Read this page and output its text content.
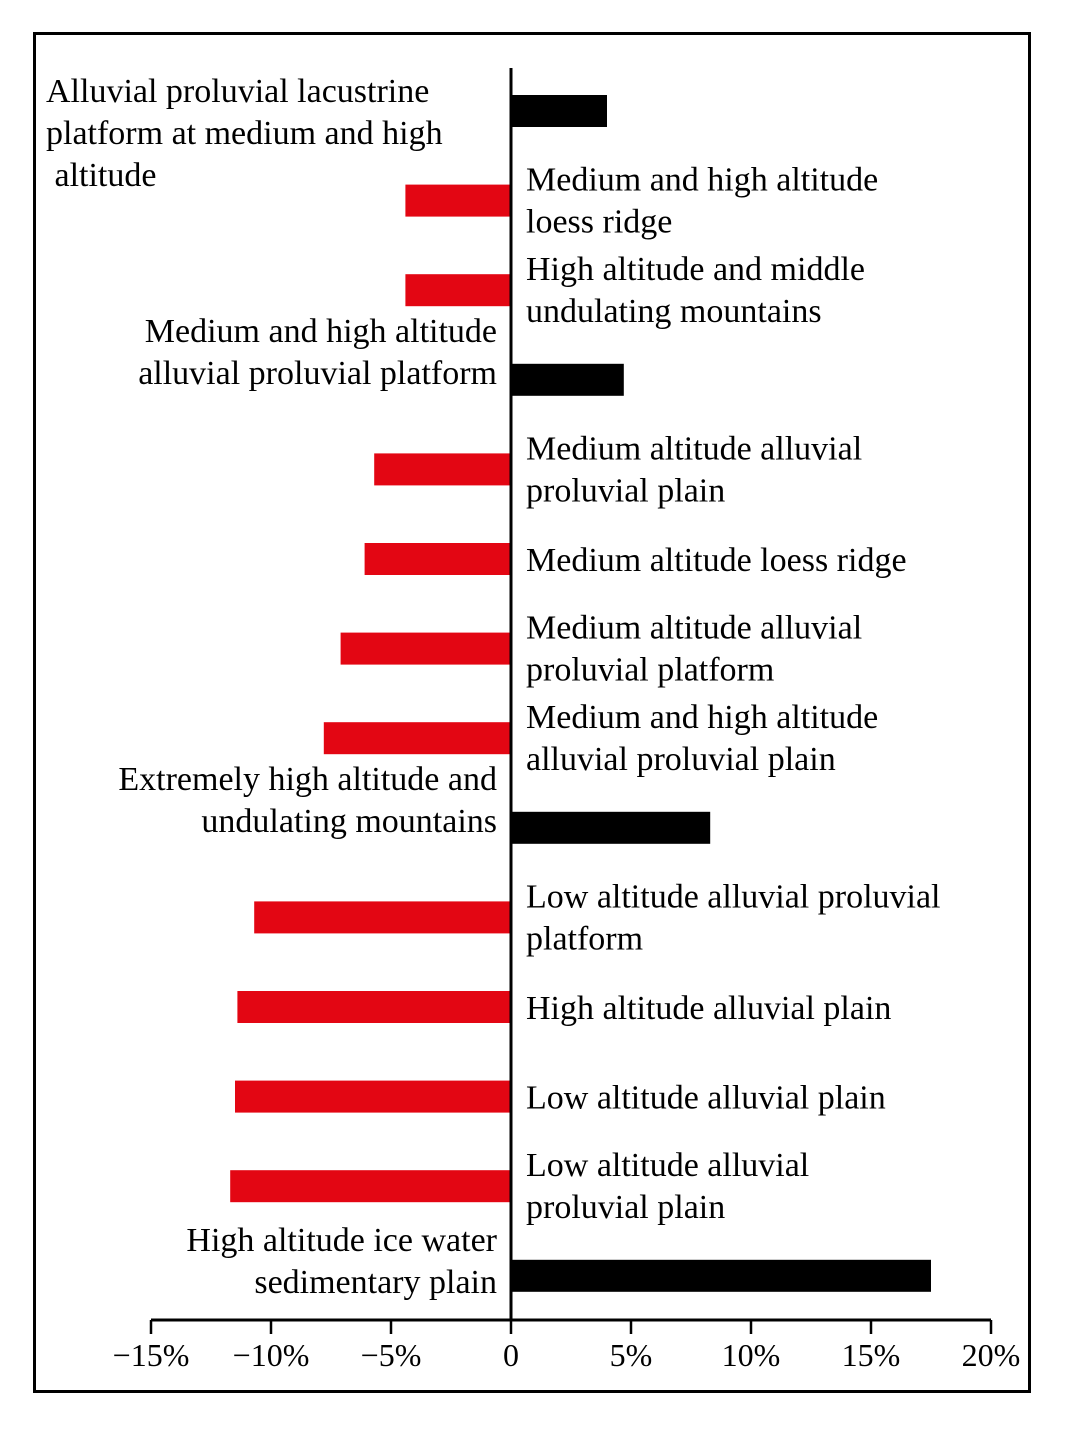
Alluvial proluvial lacustrine platform at medium and high altitude	Medium and high altitude loess ridge
High altitude and middle undulating mountains
Medium and high altitude alluvial proluvial platform
Medium altitude alluvial proluvial plain
Medium altitude loess ridge
Medium altitude alluvial proluvial platform
Medium and high altitude alluvial proluvial plain
Extremely high altitude and undulating mountains
Low altitude alluvial proluvial platform
High altitude alluvial plain
Low altitude alluvial plain
Low altitude alluvial proluvial plain
High altitude ice water sedimentary plain
−15% −10% −5%	0	5% 10% 15% 20%
